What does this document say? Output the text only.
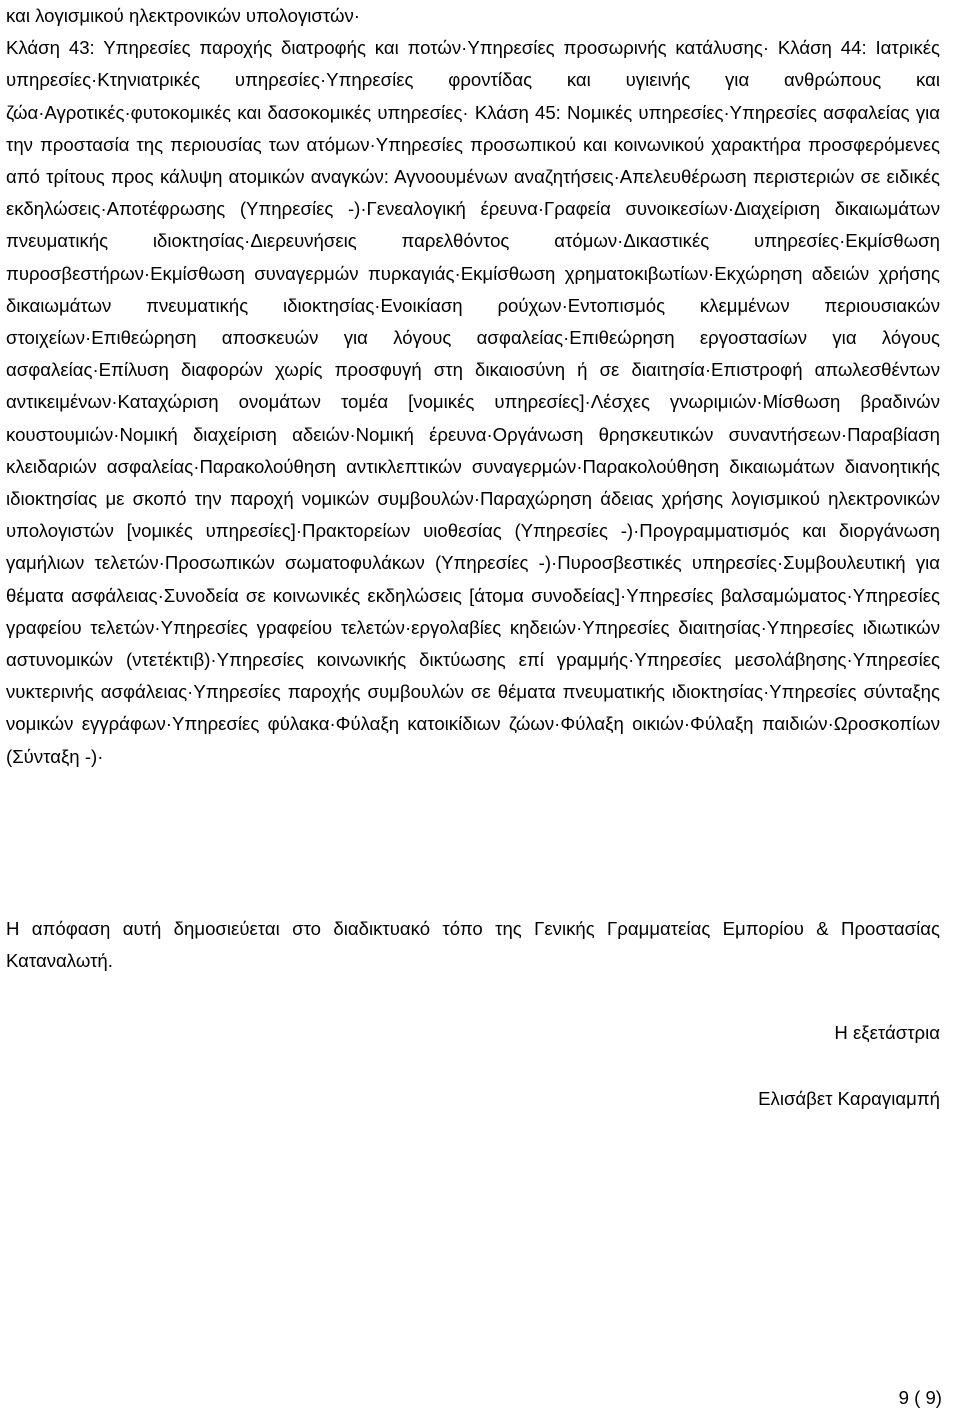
και λογισμικού ηλεκτρονικών υπολογιστών·
Κλάση 43: Υπηρεσίες παροχής διατροφής και ποτών·Υπηρεσίες προσωρινής κατάλυσης· Κλάση 44: Ιατρικές υπηρεσίες·Κτηνιατρικές υπηρεσίες·Υπηρεσίες φροντίδας και υγιεινής για ανθρώπους και ζώα·Αγροτικές·φυτοκομικές και δασοκομικές υπηρεσίες· Κλάση 45: Νομικές υπηρεσίες·Υπηρεσίες ασφαλείας για την προστασία της περιουσίας των ατόμων·Υπηρεσίες προσωπικού και κοινωνικού χαρακτήρα προσφερόμενες από τρίτους προς κάλυψη ατομικών αναγκών: Αγνοουμένων αναζητήσεις·Απελευθέρωση περιστεριών σε ειδικές εκδηλώσεις·Αποτέφρωσης (Υπηρεσίες -)·Γενεαλογική έρευνα·Γραφεία συνοικεσίων·Διαχείριση δικαιωμάτων πνευματικής ιδιοκτησίας·Διερευνήσεις παρελθόντος ατόμων·Δικαστικές υπηρεσίες·Εκμίσθωση πυροσβεστήρων·Εκμίσθωση συναγερμών πυρκαγιάς·Εκμίσθωση χρηματοκιβωτίων·Εκχώρηση αδειών χρήσης δικαιωμάτων πνευματικής ιδιοκτησίας·Ενοικίαση ρούχων·Εντοπισμός κλεμμένων περιουσιακών στοιχείων·Επιθεώρηση αποσκευών για λόγους ασφαλείας·Επιθεώρηση εργοστασίων για λόγους ασφαλείας·Επίλυση διαφορών χωρίς προσφυγή στη δικαιοσύνη ή σε διαιτησία·Επιστροφή απωλεσθέντων αντικειμένων·Καταχώριση ονομάτων τομέα [νομικές υπηρεσίες]·Λέσχες γνωριμιών·Μίσθωση βραδινών κουστουμιών·Νομική διαχείριση αδειών·Νομική έρευνα·Οργάνωση θρησκευτικών συναντήσεων·Παραβίαση κλειδαριών ασφαλείας·Παρακολούθηση αντικλεπτικών συναγερμών·Παρακολούθηση δικαιωμάτων διανοητικής ιδιοκτησίας με σκοπό την παροχή νομικών συμβουλών·Παραχώρηση άδειας χρήσης λογισμικού ηλεκτρονικών υπολογιστών [νομικές υπηρεσίες]·Πρακτορείων υιοθεσίας (Υπηρεσίες -)·Προγραμματισμός και διοργάνωση γαμήλιων τελετών·Προσωπικών σωματοφυλάκων (Υπηρεσίες -)·Πυροσβεστικές υπηρεσίες·Συμβουλευτική για θέματα ασφάλειας·Συνοδεία σε κοινωνικές εκδηλώσεις [άτομα συνοδείας]·Υπηρεσίες βαλσαμώματος·Υπηρεσίες γραφείου τελετών·Υπηρεσίες γραφείου τελετών·εργολαβίες κηδειών·Υπηρεσίες διαιτησίας·Υπηρεσίες ιδιωτικών αστυνομικών (ντετέκτιβ)·Υπηρεσίες κοινωνικής δικτύωσης επί γραμμής·Υπηρεσίες μεσολάβησης·Υπηρεσίες νυκτερινής ασφάλειας·Υπηρεσίες παροχής συμβουλών σε θέματα πνευματικής ιδιοκτησίας·Υπηρεσίες σύνταξης νομικών εγγράφων·Υπηρεσίες φύλακα·Φύλαξη κατοικίδιων ζώων·Φύλαξη οικιών·Φύλαξη παιδιών·Ωροσκοπίων (Σύνταξη -)·

Η απόφαση αυτή δημοσιεύεται στο διαδικτυακό τόπο της Γενικής Γραμματείας Εμπορίου & Προστασίας Καταναλωτή.

Η εξετάστρια

Ελισάβετ Καραγιαμπή

9 ( 9)
